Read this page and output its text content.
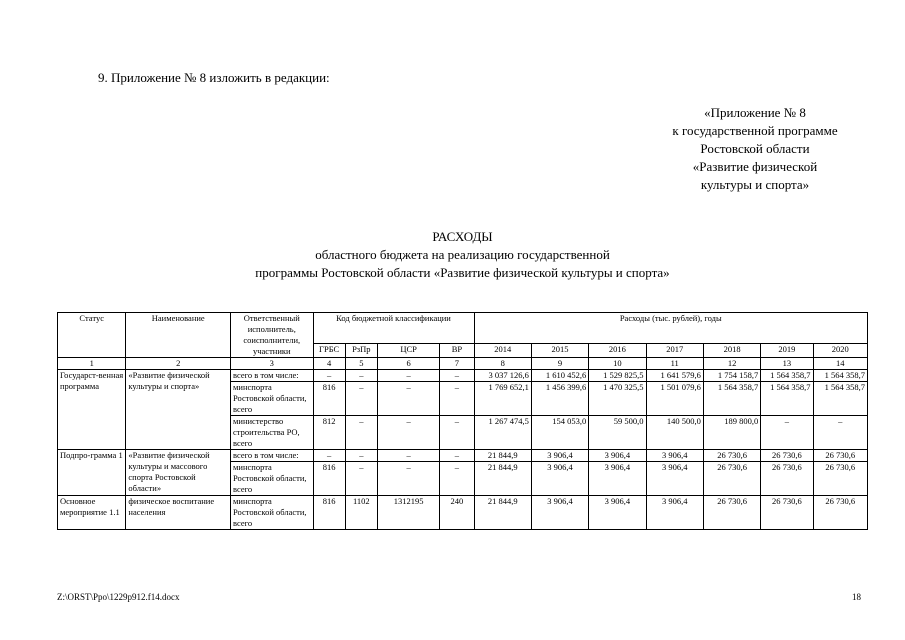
9. Приложение № 8 изложить в редакции:
«Приложение № 8
к государственной программе
Ростовской области
«Развитие физической
культуры и спорта»
РАСХОДЫ
областного бюджета на реализацию государственной
программы Ростовской области «Развитие физической культуры и спорта»
Статус	Наименование	Ответственный исполнитель, соисполнители, участники	Код бюджетной классификации				Расходы (тыс. рублей), годы						
			ГРБС	РзПр	ЦСР	ВР	2014	2015	2016	2017	2018	2019	2020
1	2	3	4	5	6	7	8	9	10	11	12	13	14
Государст-венная программа	«Развитие физической культуры и спорта»	всего в том числе:	–	–	–	–	3 037 126,6	1 610 452,6	1 529 825,5	1 641 579,6	1 754 158,7	1 564 358,7	1 564 358,7
		минспорта Ростовской области, всего	816	–	–	–	1 769 652,1	1 456 399,6	1 470 325,5	1 501 079,6	1 564 358,7	1 564 358,7	1 564 358,7
		министерство строительства РО, всего	812	–	–	–	1 267 474,5	154 053,0	59 500,0	140 500,0	189 800,0	–	–
Подпро-грамма 1	«Развитие физической культуры и массового спорта Ростовской области»	всего в том числе:	–	–	–	–	21 844,9	3 906,4	3 906,4	3 906,4	26 730,6	26 730,6	26 730,6
		минспорта Ростовской области, всего	816	–	–	–	21 844,9	3 906,4	3 906,4	3 906,4	26 730,6	26 730,6	26 730,6
Основное мероприятие 1.1	физическое воспитание населения	минспорта Ростовской области, всего	816	1102	1312195	240	21 844,9	3 906,4	3 906,4	3 906,4	26 730,6	26 730,6	26 730,6
Z:\ORST\Ppo\1229p912.f14.docx	18
